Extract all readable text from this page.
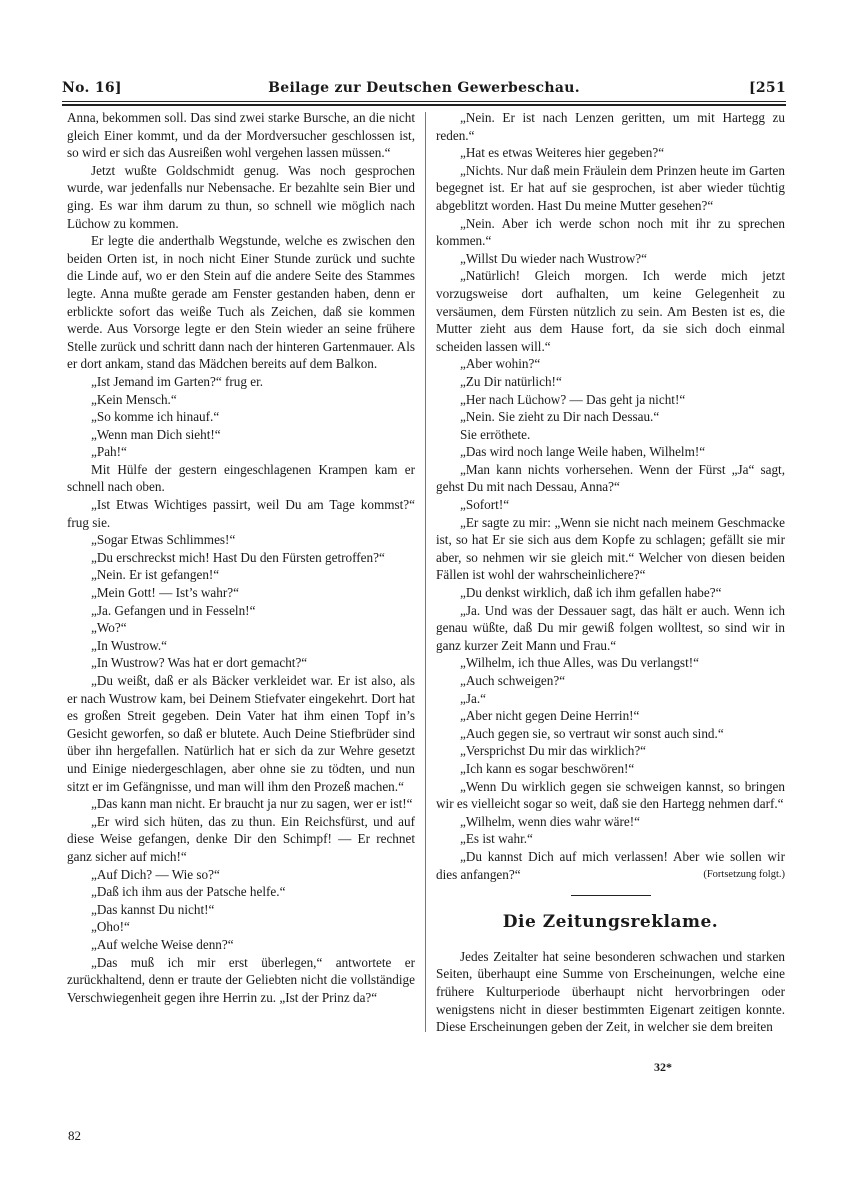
No. 16]	Beilage zur Deutschen Gewerbeschau.	[251

Anna, bekommen soll. Das sind zwei starke Bursche, an die nicht gleich Einer kommt, und da der Mordversucher geschlossen ist, so wird er sich das Ausreißen wohl vergehen lassen müssen.“

Jetzt wußte Goldschmidt genug. Was noch gesprochen wurde, war jedenfalls nur Nebensache. Er bezahlte sein Bier und ging. Es war ihm darum zu thun, so schnell wie möglich nach Lüchow zu kommen.

Er legte die anderthalb Wegstunde, welche es zwischen den beiden Orten ist, in noch nicht Einer Stunde zurück und suchte die Linde auf, wo er den Stein auf die andere Seite des Stammes legte. Anna mußte gerade am Fenster gestanden haben, denn er erblickte sofort das weiße Tuch als Zeichen, daß sie kommen werde. Aus Vorsorge legte er den Stein wieder an seine frühere Stelle zurück und schritt dann nach der hinteren Gartenmauer. Als er dort ankam, stand das Mädchen bereits auf dem Balkon.

„Ist Jemand im Garten?“ frug er.

„Kein Mensch.“

„So komme ich hinauf.“

„Wenn man Dich sieht!“

„Pah!“

Mit Hülfe der gestern eingeschlagenen Krampen kam er schnell nach oben.

„Ist Etwas Wichtiges passirt, weil Du am Tage kommst?“ frug sie.

„Sogar Etwas Schlimmes!“

„Du erschreckst mich! Hast Du den Fürsten getroffen?“

„Nein. Er ist gefangen!“

„Mein Gott! — Ist’s wahr?“

„Ja. Gefangen und in Fesseln!“

„Wo?“

„In Wustrow.“

„In Wustrow? Was hat er dort gemacht?“

„Du weißt, daß er als Bäcker verkleidet war. Er ist also, als er nach Wustrow kam, bei Deinem Stiefvater eingekehrt. Dort hat es großen Streit gegeben. Dein Vater hat ihm einen Topf in’s Gesicht geworfen, so daß er blutete. Auch Deine Stiefbrüder sind über ihn hergefallen. Natürlich hat er sich da zur Wehre gesetzt und Einige niedergeschlagen, aber ohne sie zu tödten, und nun sitzt er im Gefängnisse, und man will ihm den Prozeß machen.“

„Das kann man nicht. Er braucht ja nur zu sagen, wer er ist!“

„Er wird sich hüten, das zu thun. Ein Reichsfürst, und auf diese Weise gefangen, denke Dir den Schimpf! — Er rechnet ganz sicher auf mich!“

„Auf Dich? — Wie so?“

„Daß ich ihm aus der Patsche helfe.“

„Das kannst Du nicht!“

„Oho!“

„Auf welche Weise denn?“

„Das muß ich mir erst überlegen,“ antwortete er zurückhaltend, denn er traute der Geliebten nicht die vollständige Verschwiegenheit gegen ihre Herrin zu. „Ist der Prinz da?“

„Nein. Er ist nach Lenzen geritten, um mit Hartegg zu reden.“

„Hat es etwas Weiteres hier gegeben?“

„Nichts. Nur daß mein Fräulein dem Prinzen heute im Garten begegnet ist. Er hat auf sie gesprochen, ist aber wieder tüchtig abgeblitzt worden. Hast Du meine Mutter gesehen?“

„Nein. Aber ich werde schon noch mit ihr zu sprechen kommen.“

„Willst Du wieder nach Wustrow?“

„Natürlich! Gleich morgen. Ich werde mich jetzt vorzugsweise dort aufhalten, um keine Gelegenheit zu versäumen, dem Fürsten nützlich zu sein. Am Besten ist es, die Mutter zieht aus dem Hause fort, da sie sich doch einmal scheiden lassen will.“

„Aber wohin?“

„Zu Dir natürlich!“

„Her nach Lüchow? — Das geht ja nicht!“

„Nein. Sie zieht zu Dir nach Dessau.“

Sie erröthete.

„Das wird noch lange Weile haben, Wilhelm!“

„Man kann nichts vorhersehen. Wenn der Fürst „Ja“ sagt, gehst Du mit nach Dessau, Anna?“

„Sofort!“

„Er sagte zu mir: „Wenn sie nicht nach meinem Geschmacke ist, so hat Er sie sich aus dem Kopfe zu schlagen; gefällt sie mir aber, so nehmen wir sie gleich mit.“ Welcher von diesen beiden Fällen ist wohl der wahrscheinlichere?“

„Du denkst wirklich, daß ich ihm gefallen habe?“

„Ja. Und was der Dessauer sagt, das hält er auch. Wenn ich genau wüßte, daß Du mir gewiß folgen wolltest, so sind wir in ganz kurzer Zeit Mann und Frau.“

„Wilhelm, ich thue Alles, was Du verlangst!“

„Auch schweigen?“

„Ja.“

„Aber nicht gegen Deine Herrin!“

„Auch gegen sie, so vertraut wir sonst auch sind.“

„Versprichst Du mir das wirklich?“

„Ich kann es sogar beschwören!“

„Wenn Du wirklich gegen sie schweigen kannst, so bringen wir es vielleicht sogar so weit, daß sie den Hartegg nehmen darf.“

„Wilhelm, wenn dies wahr wäre!“

„Es ist wahr.“

„Du kannst Dich auf mich verlassen! Aber wie sollen wir dies anfangen?“	(Fortsetzung folgt.)
Die Zeitungsreklame.

Jedes Zeitalter hat seine besonderen schwachen und starken Seiten, überhaupt eine Summe von Erscheinungen, welche eine frühere Kulturperiode überhaupt nicht hervorbringen oder wenigstens nicht in dieser bestimmten Eigenart zeitigen konnte. Diese Erscheinungen geben der Zeit, in welcher sie dem breiten

32*
82
